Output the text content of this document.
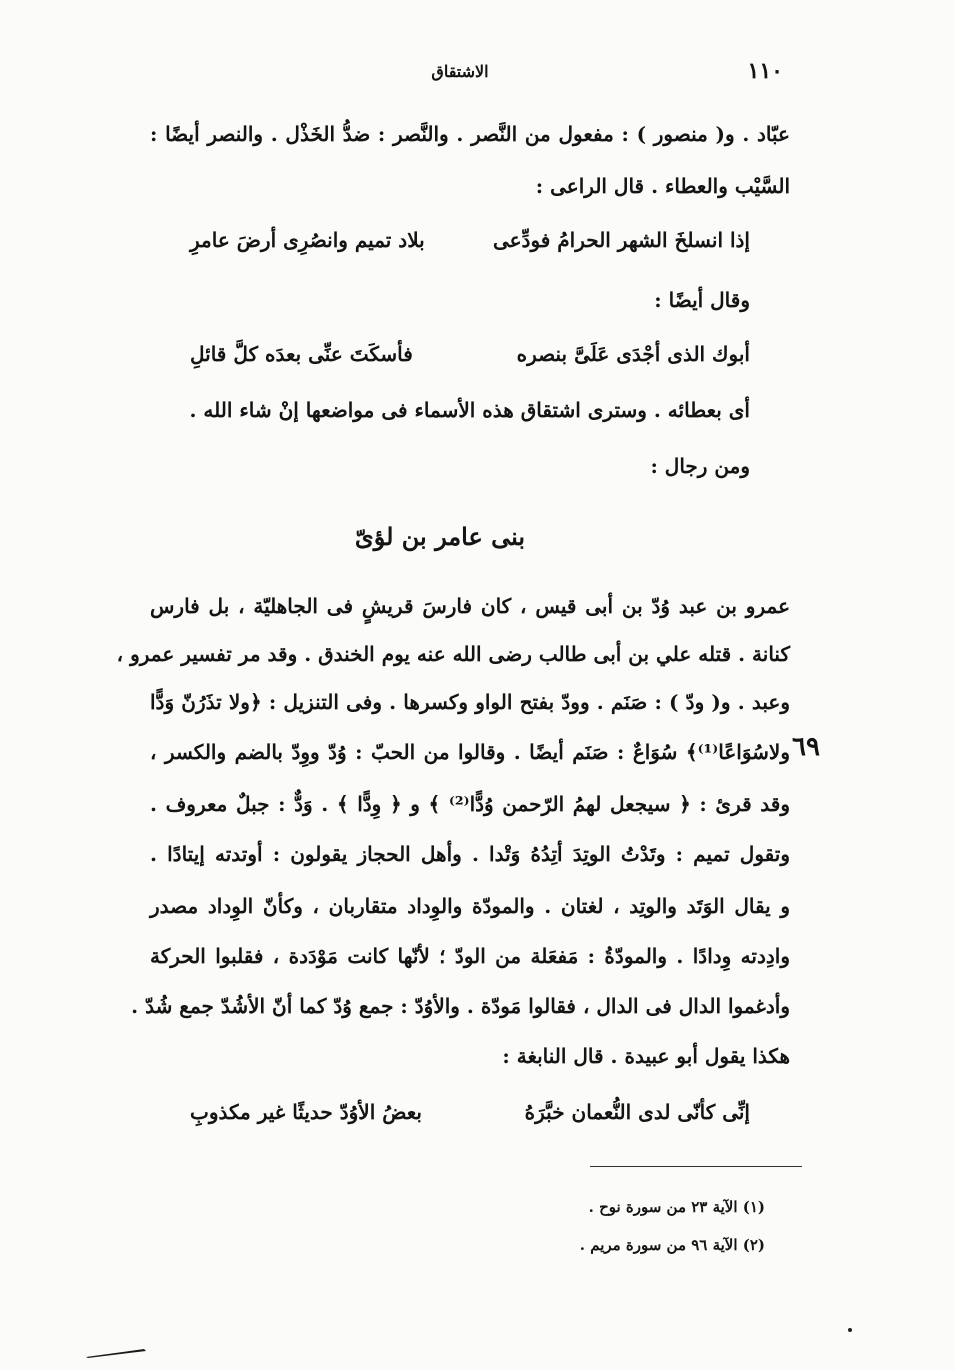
الاشتقاق	١١٠
عبّاد . و( منصور ) : مفعول من النَّصر . والنَّصر : ضدُّ الخَذْل . والنصر أيضًا :
السَّيْب والعطاء . قال الراعى :
إذا انسلخَ الشهر الحرامُ فودِّعى
بلاد تميم وانصُرِى أرضَ عامرِ
وقال أيضًا :
أبوك الذى أجْدَى عَلَىَّ بنصره
فأسكَتَ عنِّى بعدَه كلَّ قائلِ
أى بعطائه . وسترى اشتقاق هذه الأسماء فى مواضعها إنْ شاء الله .
ومن رجال :
بنى عامر بن لؤىّ
عمرو بن عبد وُدّ بن أبى قيس ، كان فارسَ قريشٍ فى الجاهليّة ، بل فارس
كنانة . قتله علي بن أبى طالب رضى الله عنه يوم الخندق . وقد مر تفسير عمرو ،
وعبد . و( ودّ ) : صَنَم . وودّ بفتح الواو وكسرها . وفى التنزيل : ﴿ولا تذَرُنّ وَدًّا
ولاسُوَاعًا⁽¹⁾﴾ سُوَاعٌ : صَنَم أيضًا . وقالوا من الحبّ : وُدّ ووِدّ بالضم والكسر ، ٦٩
وقد قرئ : ﴿ سيجعل لهمُ الرّحمن وُدًّا⁽²⁾ ﴾ و ﴿ وِدًّا ﴾ . وَدٌّ : جبلٌ معروف .
وتقول تميم : وتَدْتُ الوتِدَ أتِدُهُ وَتْدا . وأهل الحجاز يقولون : أوتدته إيتادًا .
و يقال الوَتَد والوتِد ، لغتان . والمودّة والوِداد متقاربان ، وكأنّ الوِداد مصدر
وادِدته وِدادًا . والمودّةُ : مَفعَلة من الودّ ؛ لأنّها كانت مَوْدَدة ، فقلبوا الحركة
وأدغموا الدال فى الدال ، فقالوا مَودّة . والأوُدّ : جمع وُدّ كما أنّ الأشُدّ جمع شُدّ .
هكذا يقول أبو عبيدة . قال النابغة :
إنِّى كأنّى لدى النُّعمان خبَّرَهُ
بعضُ الأوُدّ حديثًا غير مكذوبِ
(١) الآية ٢٣ من سورة نوح .
(٢) الآية ٩٦ من سورة مريم .
